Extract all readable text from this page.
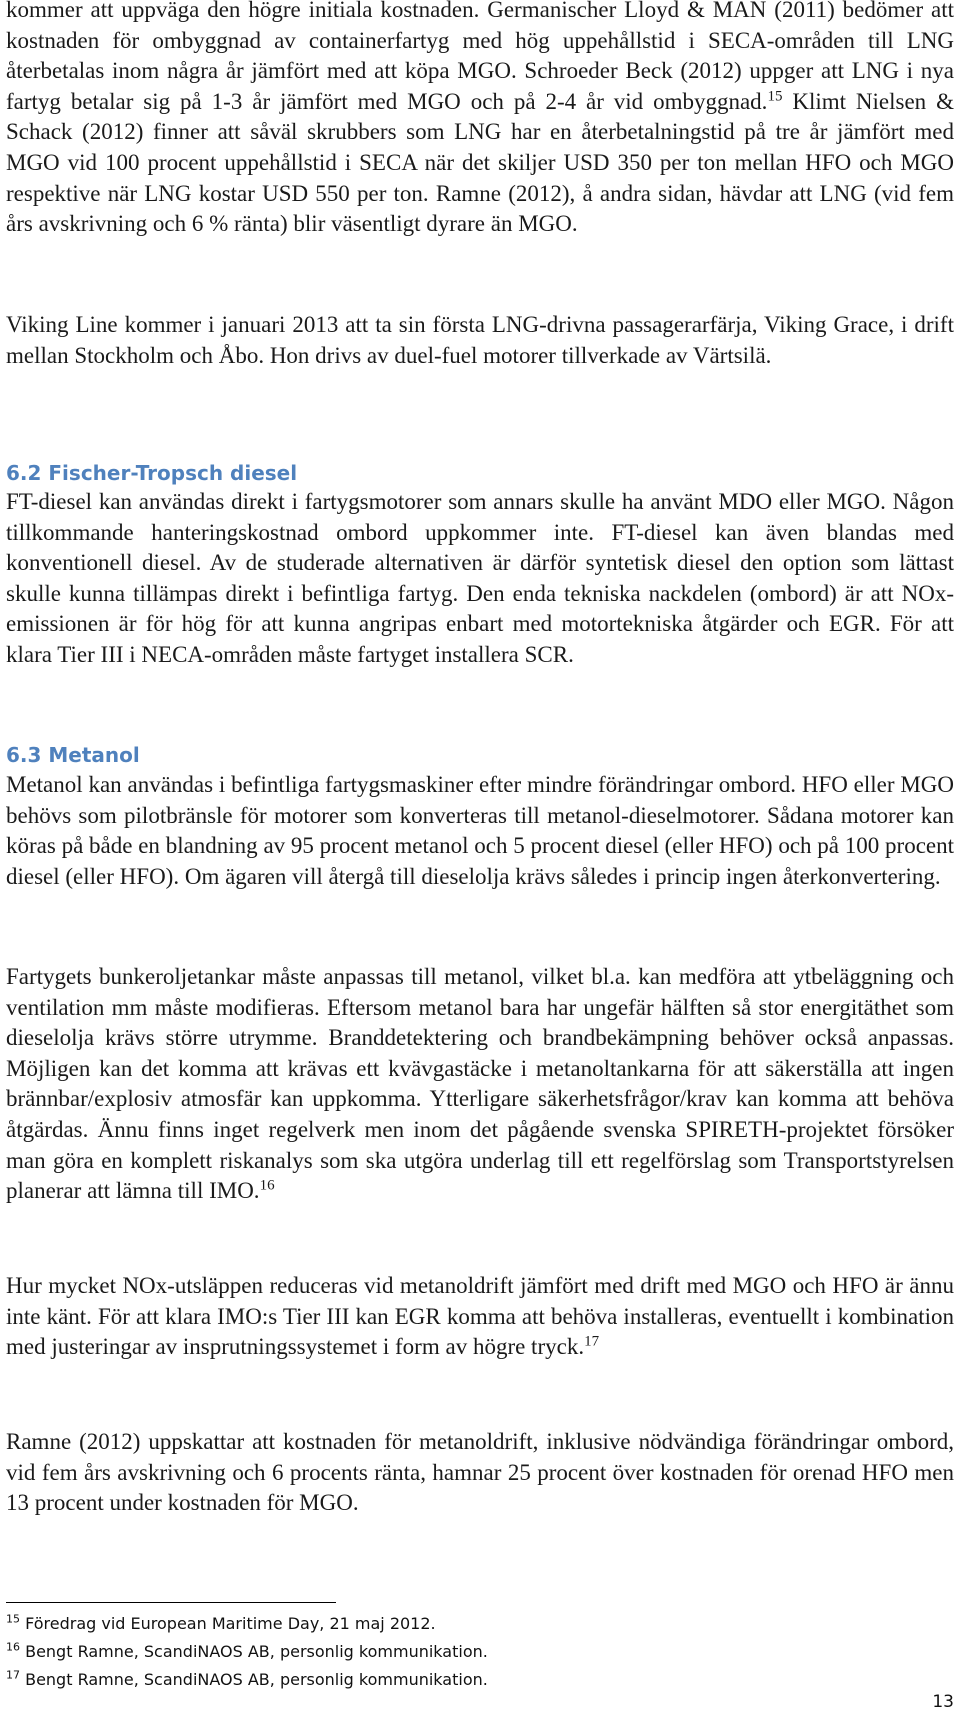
kommer att uppväga den högre initiala kostnaden. Germanischer Lloyd & MAN (2011) bedömer att kostnaden för ombyggnad av containerfartyg med hög uppehållstid i SECA-områden till LNG återbetalas inom några år jämfört med att köpa MGO. Schroeder Beck (2012) uppger att LNG i nya fartyg betalar sig på 1-3 år jämfört med MGO och på 2-4 år vid ombyggnad.$^{15}$ Klimt Nielsen & Schack (2012) finner att såväl skrubbers som LNG har en återbetalningstid på tre år jämfört med MGO vid 100 procent uppehållstid i SECA när det skiljer USD 350 per ton mellan HFO och MGO respektive när LNG kostar USD 550 per ton. Ramne (2012), å andra sidan, hävdar att LNG (vid fem års avskrivning och 6 % ränta) blir väsentligt dyrare än MGO.

Viking Line kommer i januari 2013 att ta sin första LNG-drivna passagerarfärja, Viking Grace, i drift mellan Stockholm och Åbo. Hon drivs av duel-fuel motorer tillverkade av Värtsilä.

6.2 Fischer-Tropsch diesel

FT-diesel kan användas direkt i fartygsmotorer som annars skulle ha använt MDO eller MGO. Någon tillkommande hanteringskostnad ombord uppkommer inte. FT-diesel kan även blandas med konventionell diesel. Av de studerade alternativen är därför syntetisk diesel den option som lättast skulle kunna tillämpas direkt i befintliga fartyg. Den enda tekniska nackdelen (ombord) är att NOx-emissionen är för hög för att kunna angripas enbart med motortekniska åtgärder och EGR. För att klara Tier III i NECA-områden måste fartyget installera SCR.

6.3 Metanol

Metanol kan användas i befintliga fartygsmaskiner efter mindre förändringar ombord. HFO eller MGO behövs som pilotbränsle för motorer som konverteras till metanol-dieselmotorer. Sådana motorer kan köras på både en blandning av 95 procent metanol och 5 procent diesel (eller HFO) och på 100 procent diesel (eller HFO). Om ägaren vill återgå till dieselolja krävs således i princip ingen återkonvertering.

Fartygets bunkeroljetankar måste anpassas till metanol, vilket bl.a. kan medföra att ytbeläggning och ventilation mm måste modifieras. Eftersom metanol bara har ungefär hälften så stor energitäthet som dieselolja krävs större utrymme. Branddetektering och brandbekämpning behöver också anpassas. Möjligen kan det komma att krävas ett kvävgastäcke i metanoltankarna för att säkerställa att ingen brännbar/explosiv atmosfär kan uppkomma. Ytterligare säkerhetsfrågor/krav kan komma att behöva åtgärdas. Ännu finns inget regelverk men inom det pågående svenska SPIRETH-projektet försöker man göra en komplett riskanalys som ska utgöra underlag till ett regelförslag som Transportstyrelsen planerar att lämna till IMO.$^{16}$

Hur mycket NOx-utsläppen reduceras vid metanoldrift jämfört med drift med MGO och HFO är ännu inte känt. För att klara IMO:s Tier III kan EGR komma att behöva installeras, eventuellt i kombination med justeringar av insprutningssystemet i form av högre tryck.$^{17}$

Ramne (2012) uppskattar att kostnaden för metanoldrift, inklusive nödvändiga förändringar ombord, vid fem års avskrivning och 6 procents ränta, hamnar 25 procent över kostnaden för orenad HFO men 13 procent under kostnaden för MGO.

$^{15}$ Föredrag vid European Maritime Day, 21 maj 2012.

$^{16}$ Bengt Ramne, ScandiNAOS AB, personlig kommunikation.

$^{17}$ Bengt Ramne, ScandiNAOS AB, personlig kommunikation.

13
